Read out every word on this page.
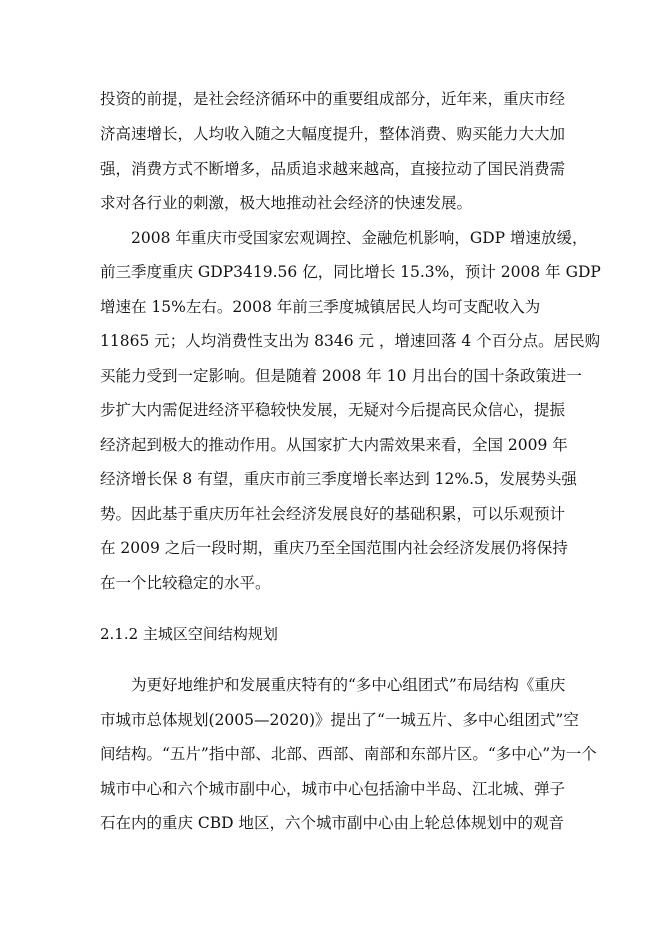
投资的前提，是社会经济循环中的重要组成部分，近年来，重庆市经
济高速增长，人均收入随之大幅度提升，整体消费、购买能力大大加
强，消费方式不断增多，品质追求越来越高，直接拉动了国民消费需
求对各行业的刺激，极大地推动社会经济的快速发展。
　　2008 年重庆市受国家宏观调控、金融危机影响，GDP 增速放缓，
前三季度重庆 GDP3419.56 亿，同比增长 15.3%，预计 2008 年 GDP
增速在 15%左右。2008 年前三季度城镇居民人均可支配收入为
11865 元；人均消费性支出为 8346 元 ，增速回落 4 个百分点。居民购
买能力受到一定影响。但是随着 2008 年 10 月出台的国十条政策进一
步扩大内需促进经济平稳较快发展，无疑对今后提高民众信心，提振
经济起到极大的推动作用。从国家扩大内需效果来看，全国 2009 年
经济增长保 8 有望，重庆市前三季度增长率达到 12%.5，发展势头强
势。因此基于重庆历年社会经济发展良好的基础积累，可以乐观预计
在 2009 之后一段时期，重庆乃至全国范围内社会经济发展仍将保持
在一个比较稳定的水平。
2.1.2 主城区空间结构规划
　　为更好地维护和发展重庆特有的“多中心组团式”布局结构《重庆
市城市总体规划(2005—2020)》提出了“一城五片、多中心组团式”空
间结构。“五片”指中部、北部、西部、南部和东部片区。“多中心”为一个
城市中心和六个城市副中心，城市中心包括渝中半岛、江北城、弹子
石在内的重庆 CBD 地区，六个城市副中心由上轮总体规划中的观音
